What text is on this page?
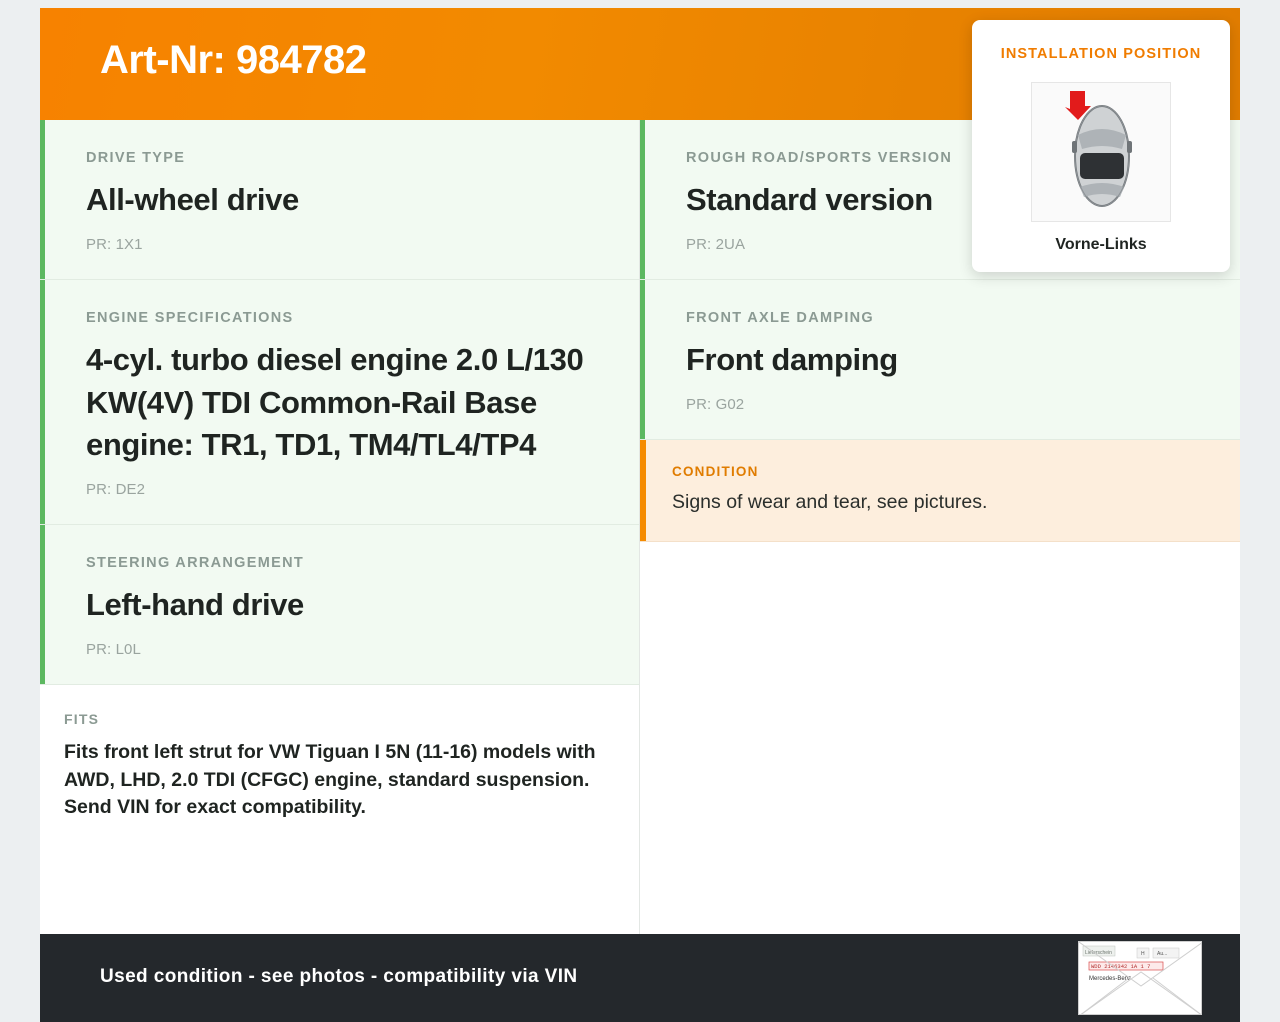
Art-Nr: 984782
DRIVE TYPE
All-wheel drive
PR: 1X1
ENGINE SPECIFICATIONS
4-cyl. turbo diesel engine 2.0 L/130 KW(4V) TDI Common-Rail Base engine: TR1, TD1, TM4/TL4/TP4
PR: DE2
STEERING ARRANGEMENT
Left-hand drive
PR: L0L
FITS
Fits front left strut for VW Tiguan I 5N (11-16) models with AWD, LHD, 2.0 TDI (CFGC) engine, standard suspension. Send VIN for exact compatibility.
ROUGH ROAD/SPORTS VERSION
Standard version
PR: 2UA
FRONT AXLE DAMPING
Front damping
PR: G02
CONDITION
Signs of wear and tear, see pictures.
INSTALLATION POSITION
Vorne-Links
Used condition - see photos - compatibility via VIN
Lieferschein	H Au...
WDD 2146342 1A 1 7
Mercedes-Benz
